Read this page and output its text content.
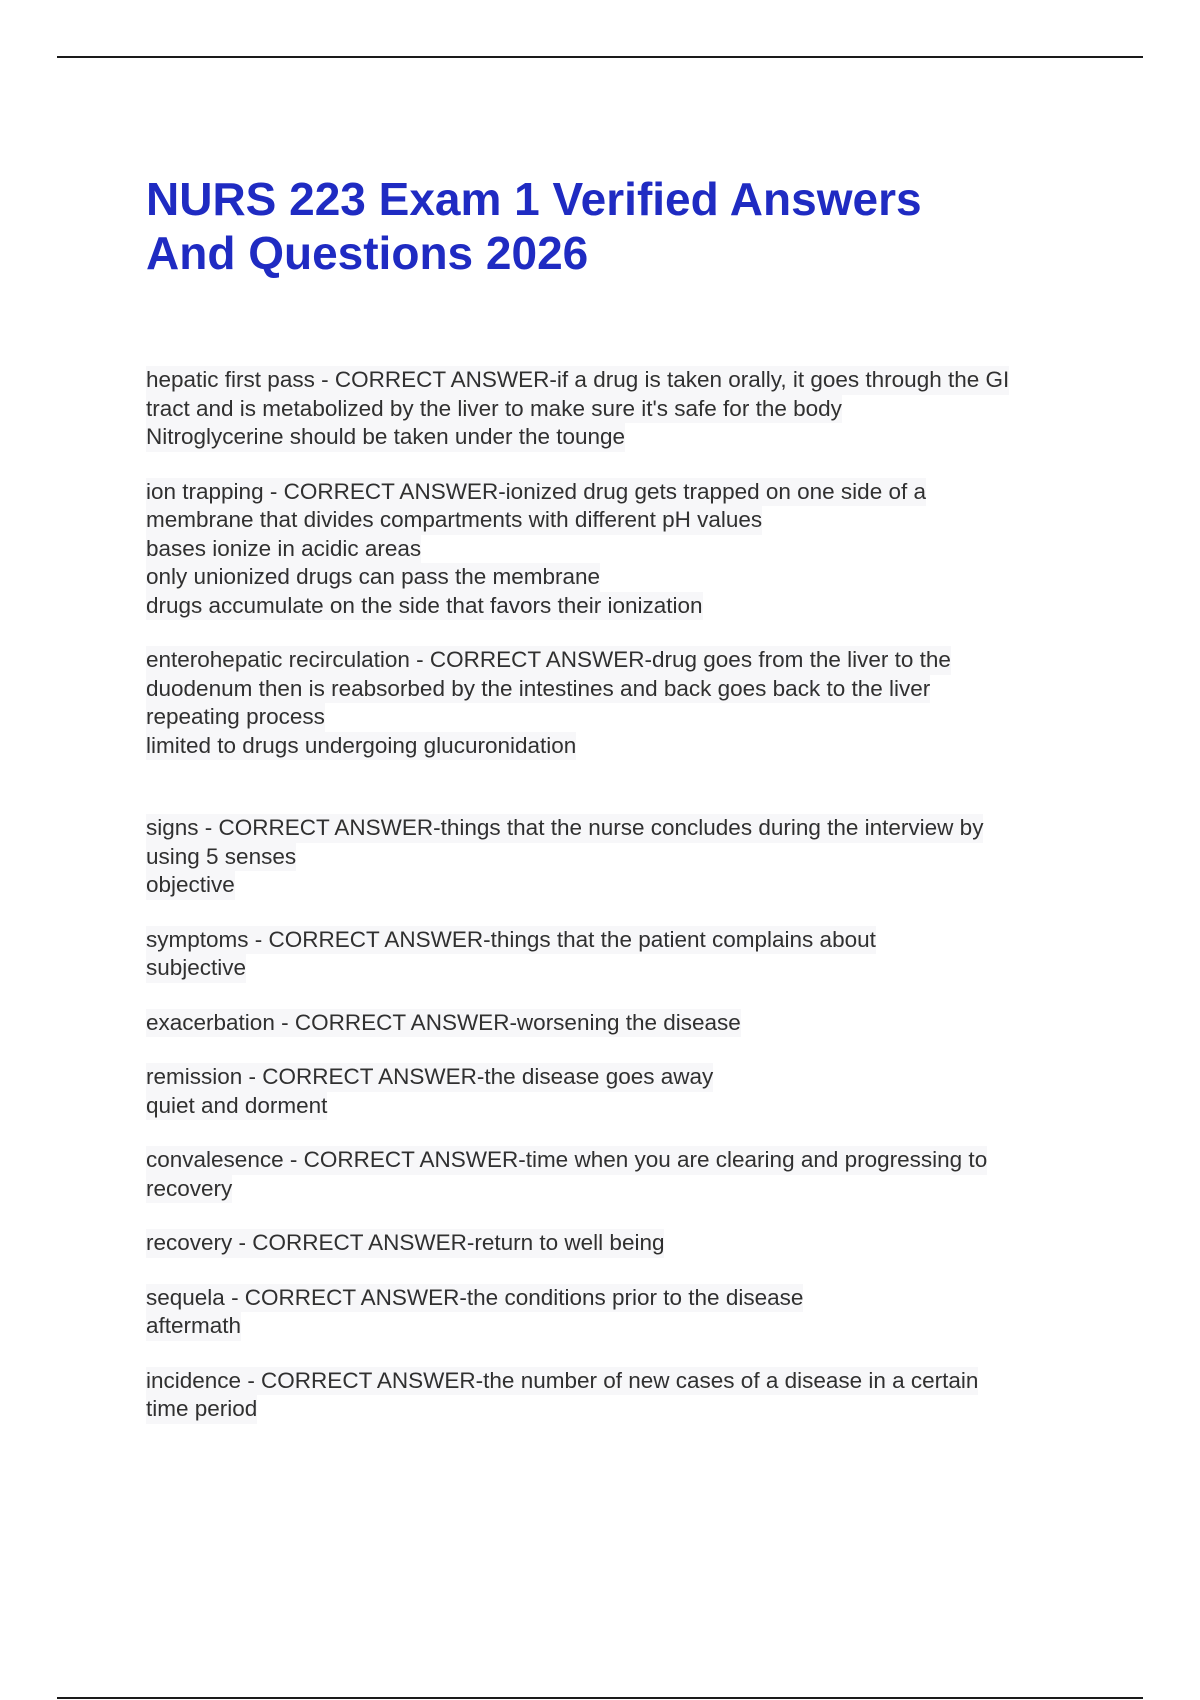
NURS 223 Exam 1 Verified Answers
And Questions 2026
hepatic first pass - CORRECT ANSWER-if a drug is taken orally, it goes through the GI
tract and is metabolized by the liver to make sure it's safe for the body
Nitroglycerine should be taken under the tounge
ion trapping - CORRECT ANSWER-ionized drug gets trapped on one side of a
membrane that divides compartments with different pH values
bases ionize in acidic areas
only unionized drugs can pass the membrane
drugs accumulate on the side that favors their ionization
enterohepatic recirculation - CORRECT ANSWER-drug goes from the liver to the
duodenum then is reabsorbed by the intestines and back goes back to the liver
repeating process
limited to drugs undergoing glucuronidation
signs - CORRECT ANSWER-things that the nurse concludes during the interview by
using 5 senses
objective
symptoms - CORRECT ANSWER-things that the patient complains about
subjective
exacerbation - CORRECT ANSWER-worsening the disease
remission - CORRECT ANSWER-the disease goes away
quiet and dorment
convalesence - CORRECT ANSWER-time when you are clearing and progressing to
recovery
recovery - CORRECT ANSWER-return to well being
sequela - CORRECT ANSWER-the conditions prior to the disease
aftermath
incidence - CORRECT ANSWER-the number of new cases of a disease in a certain
time period
